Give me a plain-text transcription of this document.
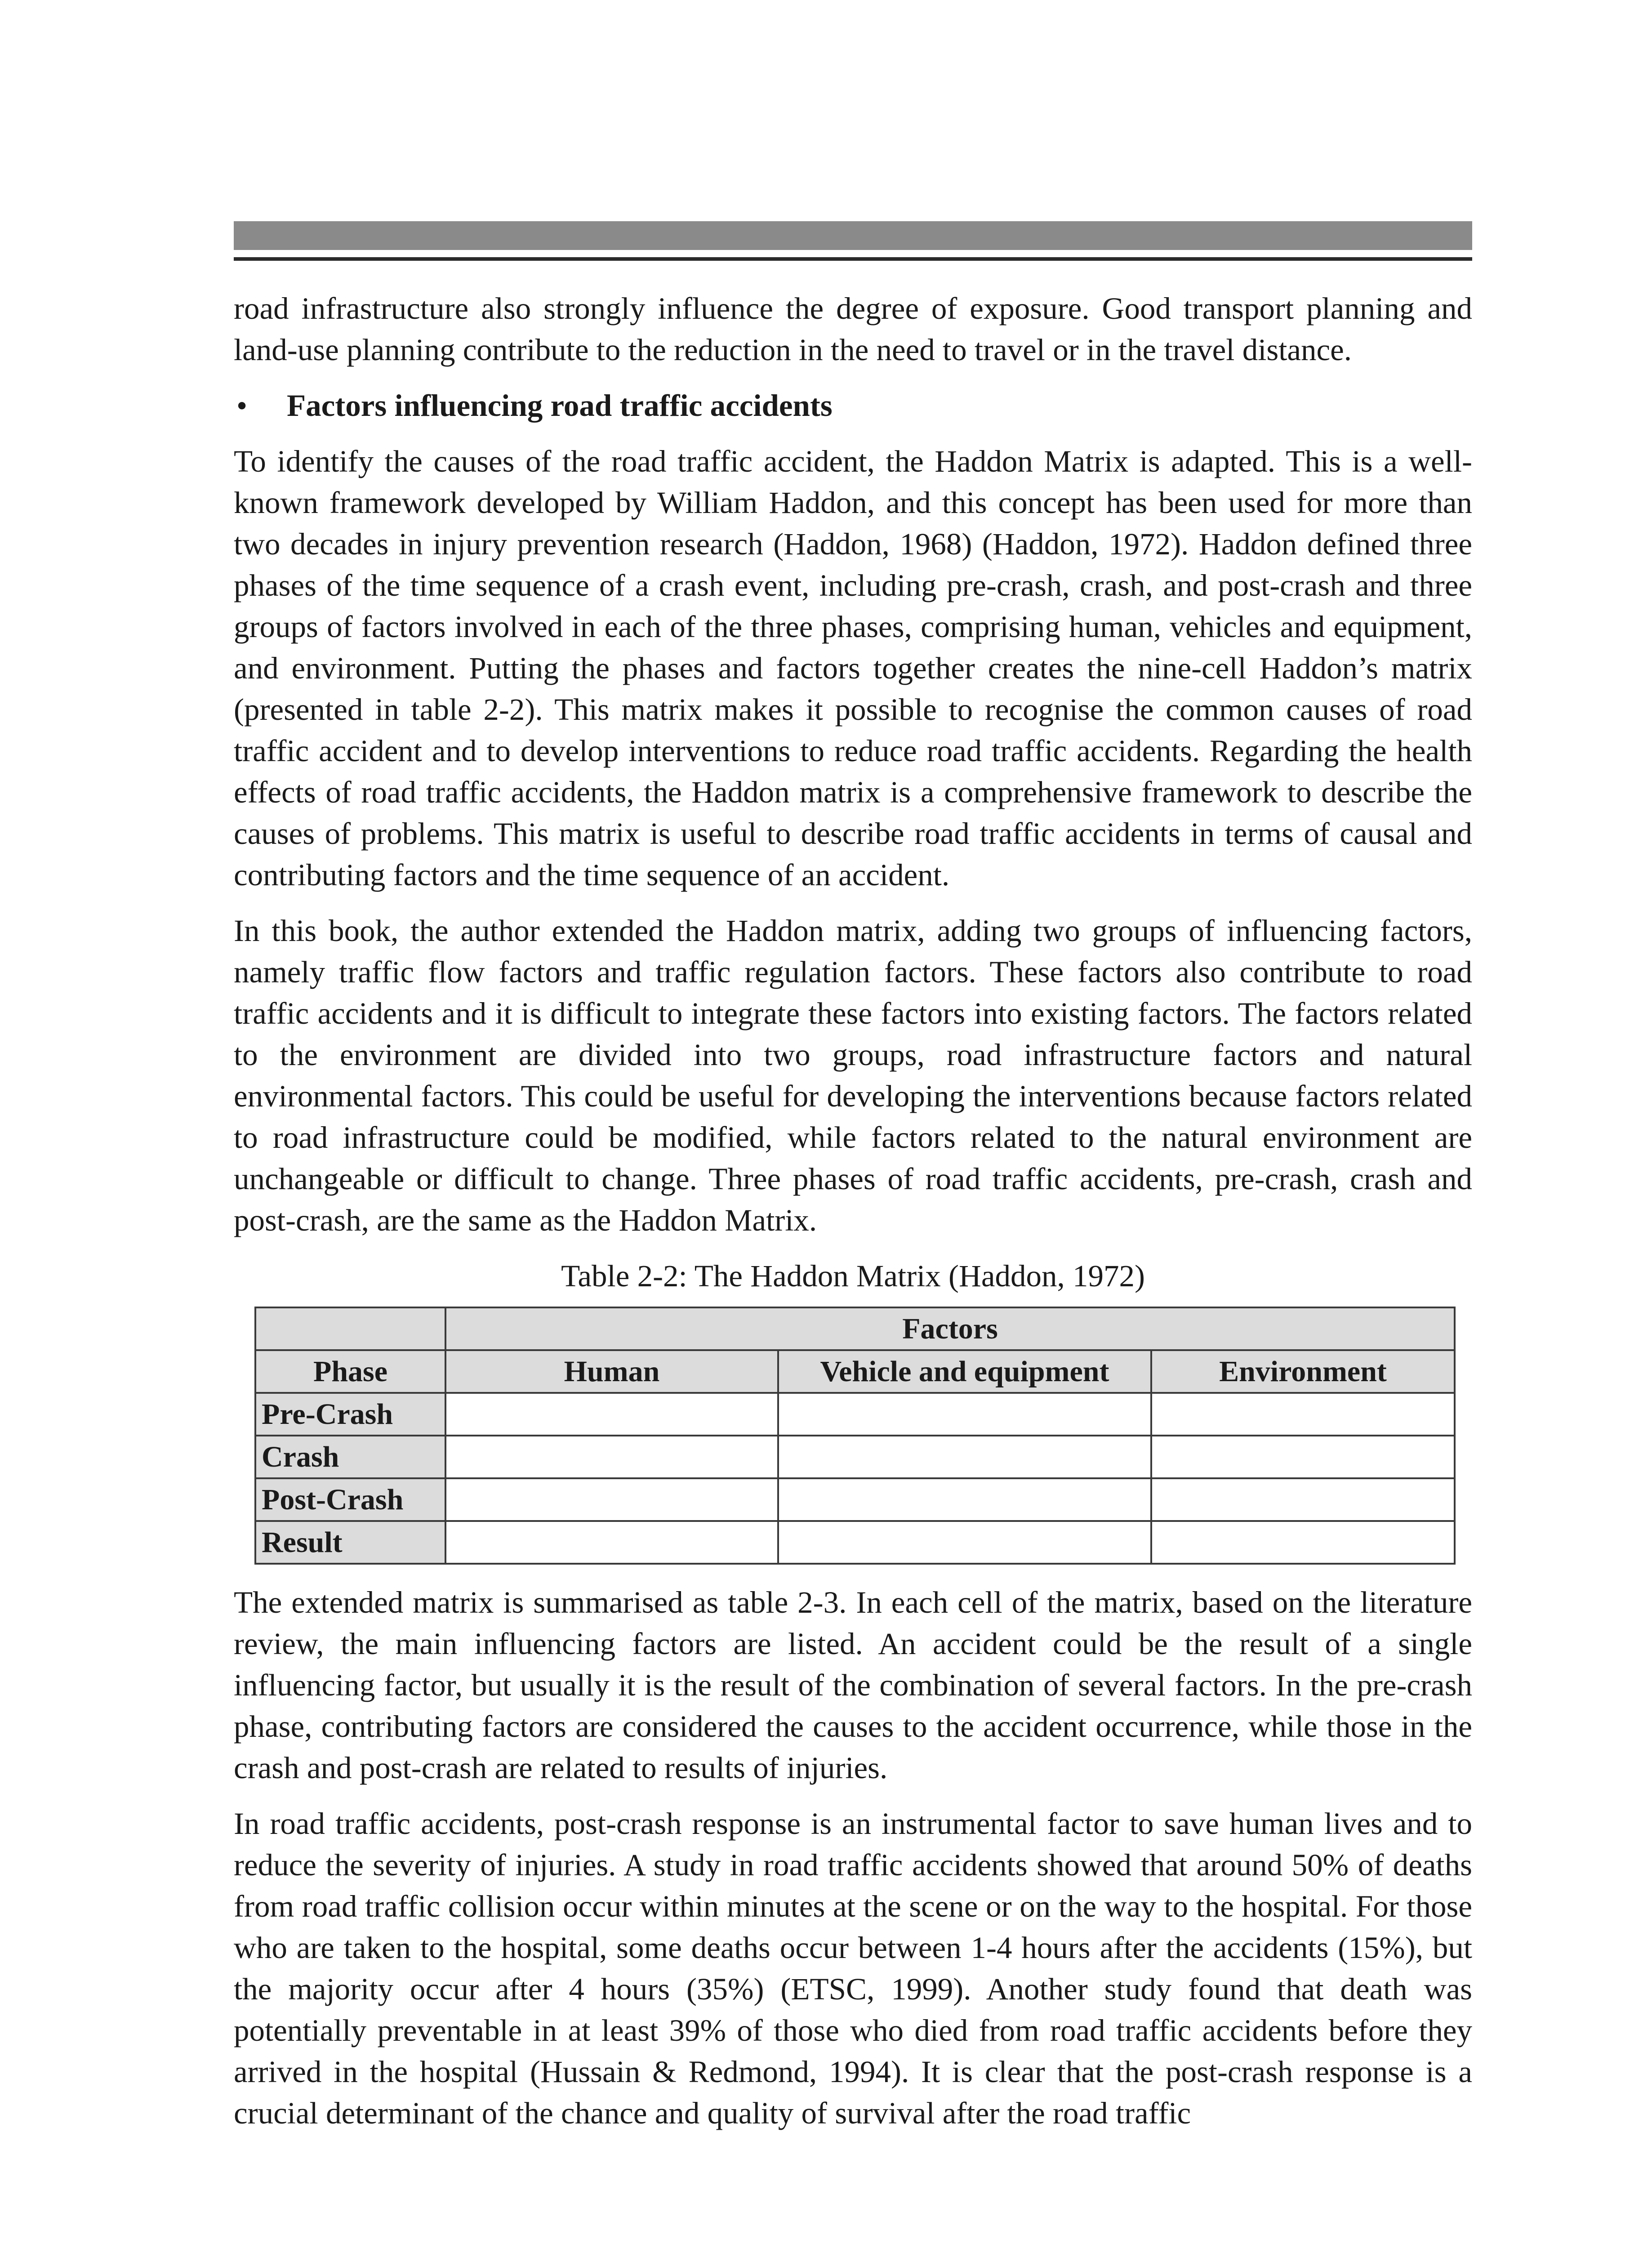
road infrastructure also strongly influence the degree of exposure. Good transport planning and land-use planning contribute to the reduction in the need to travel or in the travel distance.

•	Factors influencing road traffic accidents

To identify the causes of the road traffic accident, the Haddon Matrix is adapted. This is a well-known framework developed by William Haddon, and this concept has been used for more than two decades in injury prevention research (Haddon, 1968) (Haddon, 1972). Haddon defined three phases of the time sequence of a crash event, including pre-crash, crash, and post-crash and three groups of factors involved in each of the three phases, comprising human, vehicles and equipment, and environment. Putting the phases and factors together creates the nine-cell Haddon’s matrix (presented in table 2-2). This matrix makes it possible to recognise the common causes of road traffic accident and to develop interventions to reduce road traffic accidents. Regarding the health effects of road traffic accidents, the Haddon matrix is a comprehensive framework to describe the causes of problems. This matrix is useful to describe road traffic accidents in terms of causal and contributing factors and the time sequence of an accident.

In this book, the author extended the Haddon matrix, adding two groups of influencing factors, namely traffic flow factors and traffic regulation factors. These factors also contribute to road traffic accidents and it is difficult to integrate these factors into existing factors. The factors related to the environment are divided into two groups, road infrastructure factors and natural environmental factors. This could be useful for developing the interventions because factors related to road infrastructure could be modified, while factors related to the natural environment are unchangeable or difficult to change. Three phases of road traffic accidents, pre-crash, crash and post-crash, are the same as the Haddon Matrix.

Table 2-2: The Haddon Matrix (Haddon, 1972)

	Factors		
Phase	Human	Vehicle and equipment	Environment
Pre-Crash			
Crash			
Post-Crash			
Result			

The extended matrix is summarised as table 2-3. In each cell of the matrix, based on the literature review, the main influencing factors are listed. An accident could be the result of a single influencing factor, but usually it is the result of the combination of several factors. In the pre-crash phase, contributing factors are considered the causes to the accident occurrence, while those in the crash and post-crash are related to results of injuries.

In road traffic accidents, post-crash response is an instrumental factor to save human lives and to reduce the severity of injuries. A study in road traffic accidents showed that around 50% of deaths from road traffic collision occur within minutes at the scene or on the way to the hospital. For those who are taken to the hospital, some deaths occur between 1-4 hours after the accidents (15%), but the majority occur after 4 hours (35%) (ETSC, 1999). Another study found that death was potentially preventable in at least 39% of those who died from road traffic accidents before they arrived in the hospital (Hussain & Redmond, 1994). It is clear that the post-crash response is a crucial determinant of the chance and quality of survival after the road traffic
